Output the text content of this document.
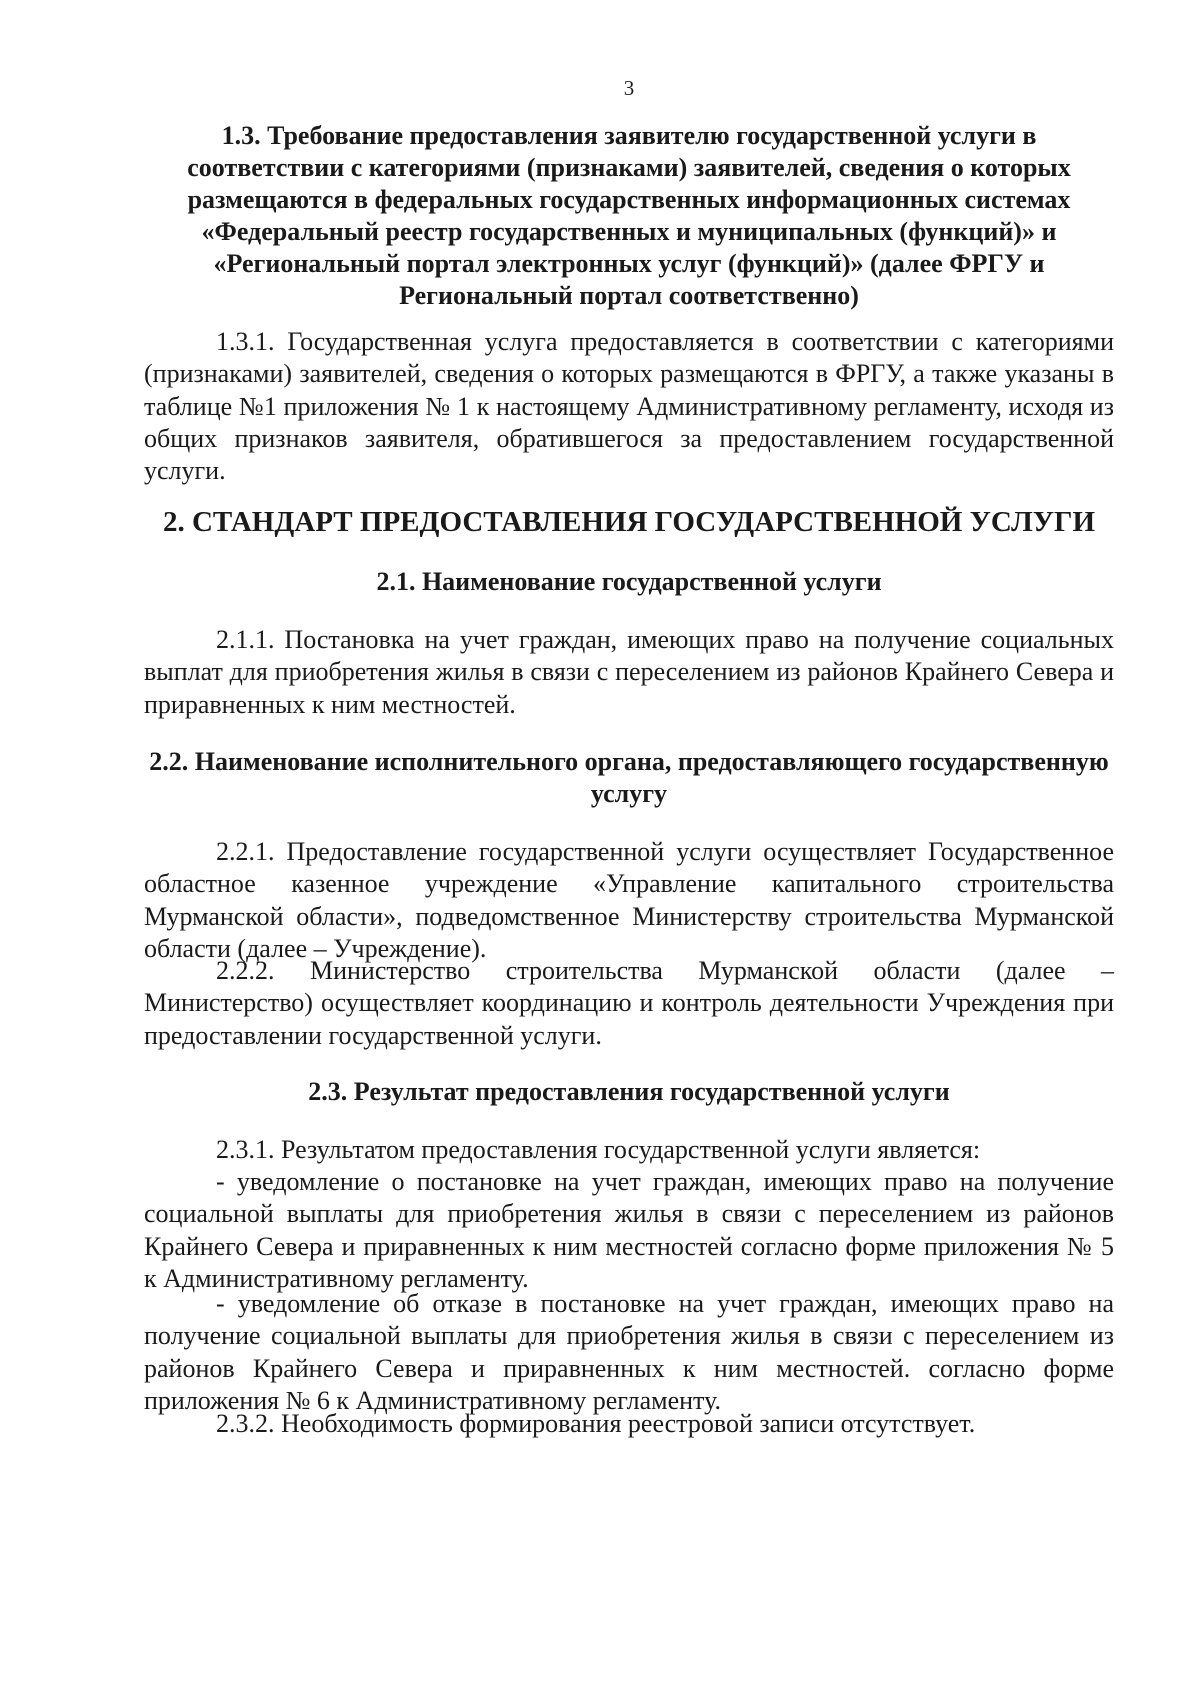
3
1.3. Требование предоставления заявителю государственной услуги в соответствии с категориями (признаками) заявителей, сведения о которых размещаются в федеральных государственных информационных системах «Федеральный реестр государственных и муниципальных (функций)» и «Региональный портал электронных услуг (функций)» (далее ФРГУ и Региональный портал соответственно)

1.3.1. Государственная услуга предоставляется в соответствии с категориями (признаками) заявителей, сведения о которых размещаются в ФРГУ, а также указаны в таблице №1 приложения № 1 к настоящему Административному регламенту, исходя из общих признаков заявителя, обратившегося за предоставлением государственной услуги.

2. СТАНДАРТ ПРЕДОСТАВЛЕНИЯ ГОСУДАРСТВЕННОЙ УСЛУГИ
2.1. Наименование государственной услуги

2.1.1. Постановка на учет граждан, имеющих право на получение социальных выплат для приобретения жилья в связи с переселением из районов Крайнего Севера и приравненных к ним местностей.

2.2. Наименование исполнительного органа, предоставляющего государственную услугу

2.2.1. Предоставление государственной услуги осуществляет Государственное областное казенное учреждение «Управление капитального строительства Мурманской области», подведомственное Министерству строительства Мурманской области (далее – Учреждение).

2.2.2. Министерство строительства Мурманской области (далее – Министерство) осуществляет координацию и контроль деятельности Учреждения при предоставлении государственной услуги.

2.3. Результат предоставления государственной услуги

2.3.1. Результатом предоставления государственной услуги является:

- уведомление о постановке на учет граждан, имеющих право на получение социальной выплаты для приобретения жилья в связи с переселением из районов Крайнего Севера и приравненных к ним местностей согласно форме приложения № 5 к Административному регламенту.

- уведомление об отказе в постановке на учет граждан, имеющих право на получение социальной выплаты для приобретения жилья в связи с переселением из районов Крайнего Севера и приравненных к ним местностей. согласно форме приложения № 6 к Административному регламенту.

2.3.2. Необходимость формирования реестровой записи отсутствует.
